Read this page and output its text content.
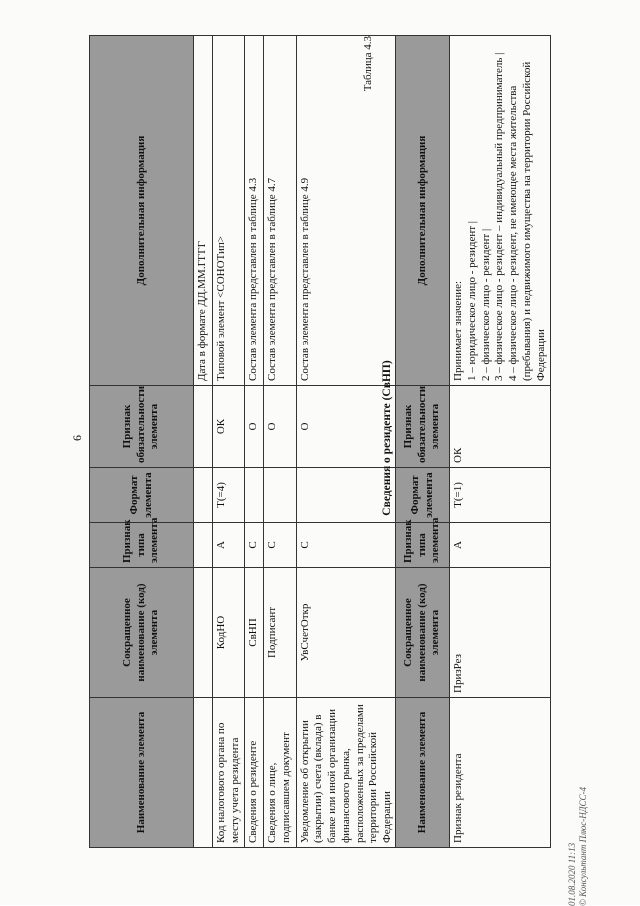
6
Наименование элемента	Сокращенное наименование (код) элемента	Признак типа элемента	Формат элемента	Признак обязательности элемента	Дополнительная информация
					Дата в формате ДД.ММ.ГГГГ
Код налогового органа по месту учета резидента	КодНО	А	Т(=4)	ОК	Типовой элемент <СОНОТип>
Сведения о резиденте	СвНП	С		О	Состав элемента представлен в таблице 4.3
Сведения о лице, подписавшем документ	Подписант	С		О	Состав элемента представлен в таблице 4.7
Уведомление об открытии (закрытии) счета (вклада) в банке или иной организации финансового рынка, расположенных за пределами территории Российской Федерации	УвСчетОткр	С		О	Состав элемента представлен в таблице 4.9
Таблица 4.3
Сведения о резиденте (СвНП)
Наименование элемента	Сокращенное наименование (код) элемента	Признак типа элемента	Формат элемента	Признак обязательности элемента	Дополнительная информация
Признак резидента	ПризРез	А	Т(=1)	ОК	Принимает значение: 1 – юридическое лицо - резидент | 2 – физическое лицо - резидент | 3 – физическое лицо - резидент – индивидуальный предприниматель | 4 – физическое лицо - резидент, не имеющее места жительства (пребывания) и недвижимого имущества на территории Российской Федерации
01.08.2020 11:13 © Консультант Плюс-НДСС-4
